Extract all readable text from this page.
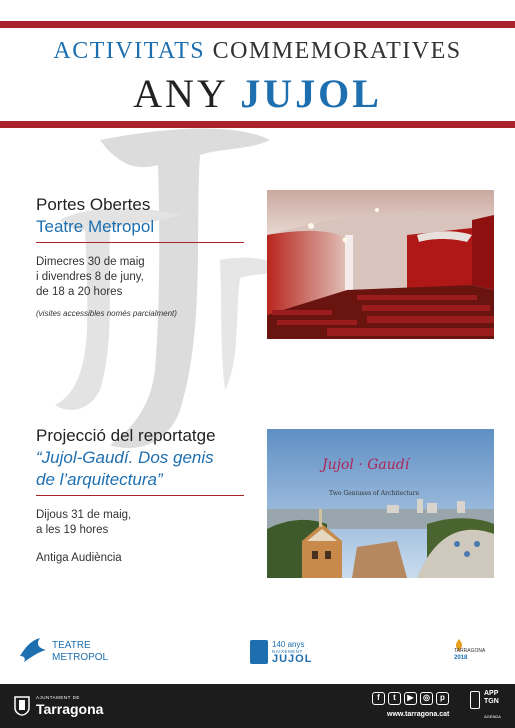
ACTIVITATS COMMEMORATIVES
ANY JUJOL
Portes Obertes
Teatre Metropol
Dimecres 30 de maig
i divendres 8 de juny,
de 18 a 20 hores
(visites accessibles només parcialment)
Projecció del reportatge
“Jujol-Gaudí. Dos genis
de l’arquitectura”
Dijous 31 de maig,
a les 19 hores
Antiga Audiència
Jujol · Gaudí
Two Geniuses of Architecture
TEATRE
METROPOL
140 anys
NAIXEMENT
JUJOL
TARRAGONA
2018
AJUNTAMENT DE
Tarragona
f	t	▶	◎	p
www.tarragona.cat
APP
TGN
AGENDA
